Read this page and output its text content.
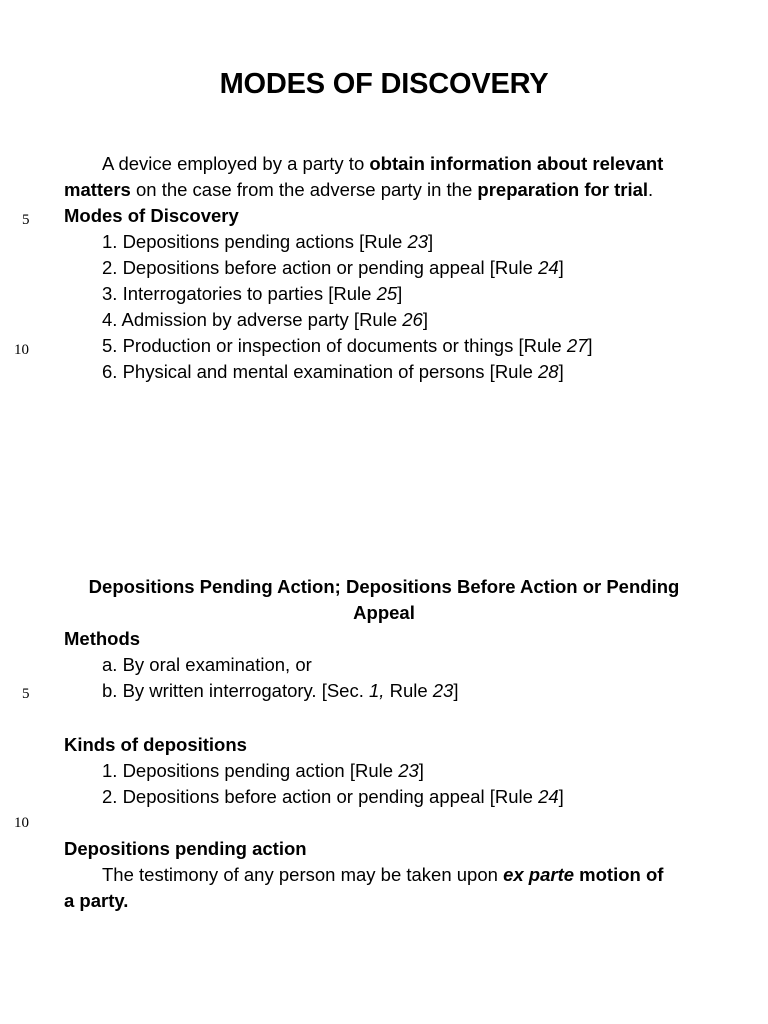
MODES OF DISCOVERY
A device employed by a party to obtain information about relevant
matters on the case from the adverse party in the preparation for trial.
Modes of Discovery
1. Depositions pending actions [Rule 23]
2. Depositions before action or pending appeal [Rule 24]
3. Interrogatories to parties [Rule 25]
4. Admission by adverse party [Rule 26]
5. Production or inspection of documents or things [Rule 27]
6. Physical and mental examination of persons [Rule 28]
Depositions Pending Action; Depositions Before Action or Pending
Appeal
Methods
a. By oral examination, or
b. By written interrogatory. [Sec. 1, Rule 23]
Kinds of depositions
1. Depositions pending action [Rule 23]
2. Depositions before action or pending appeal [Rule 24]
Depositions pending action
The testimony of any person may be taken upon ex parte motion of
a party.
5
10
5
10
